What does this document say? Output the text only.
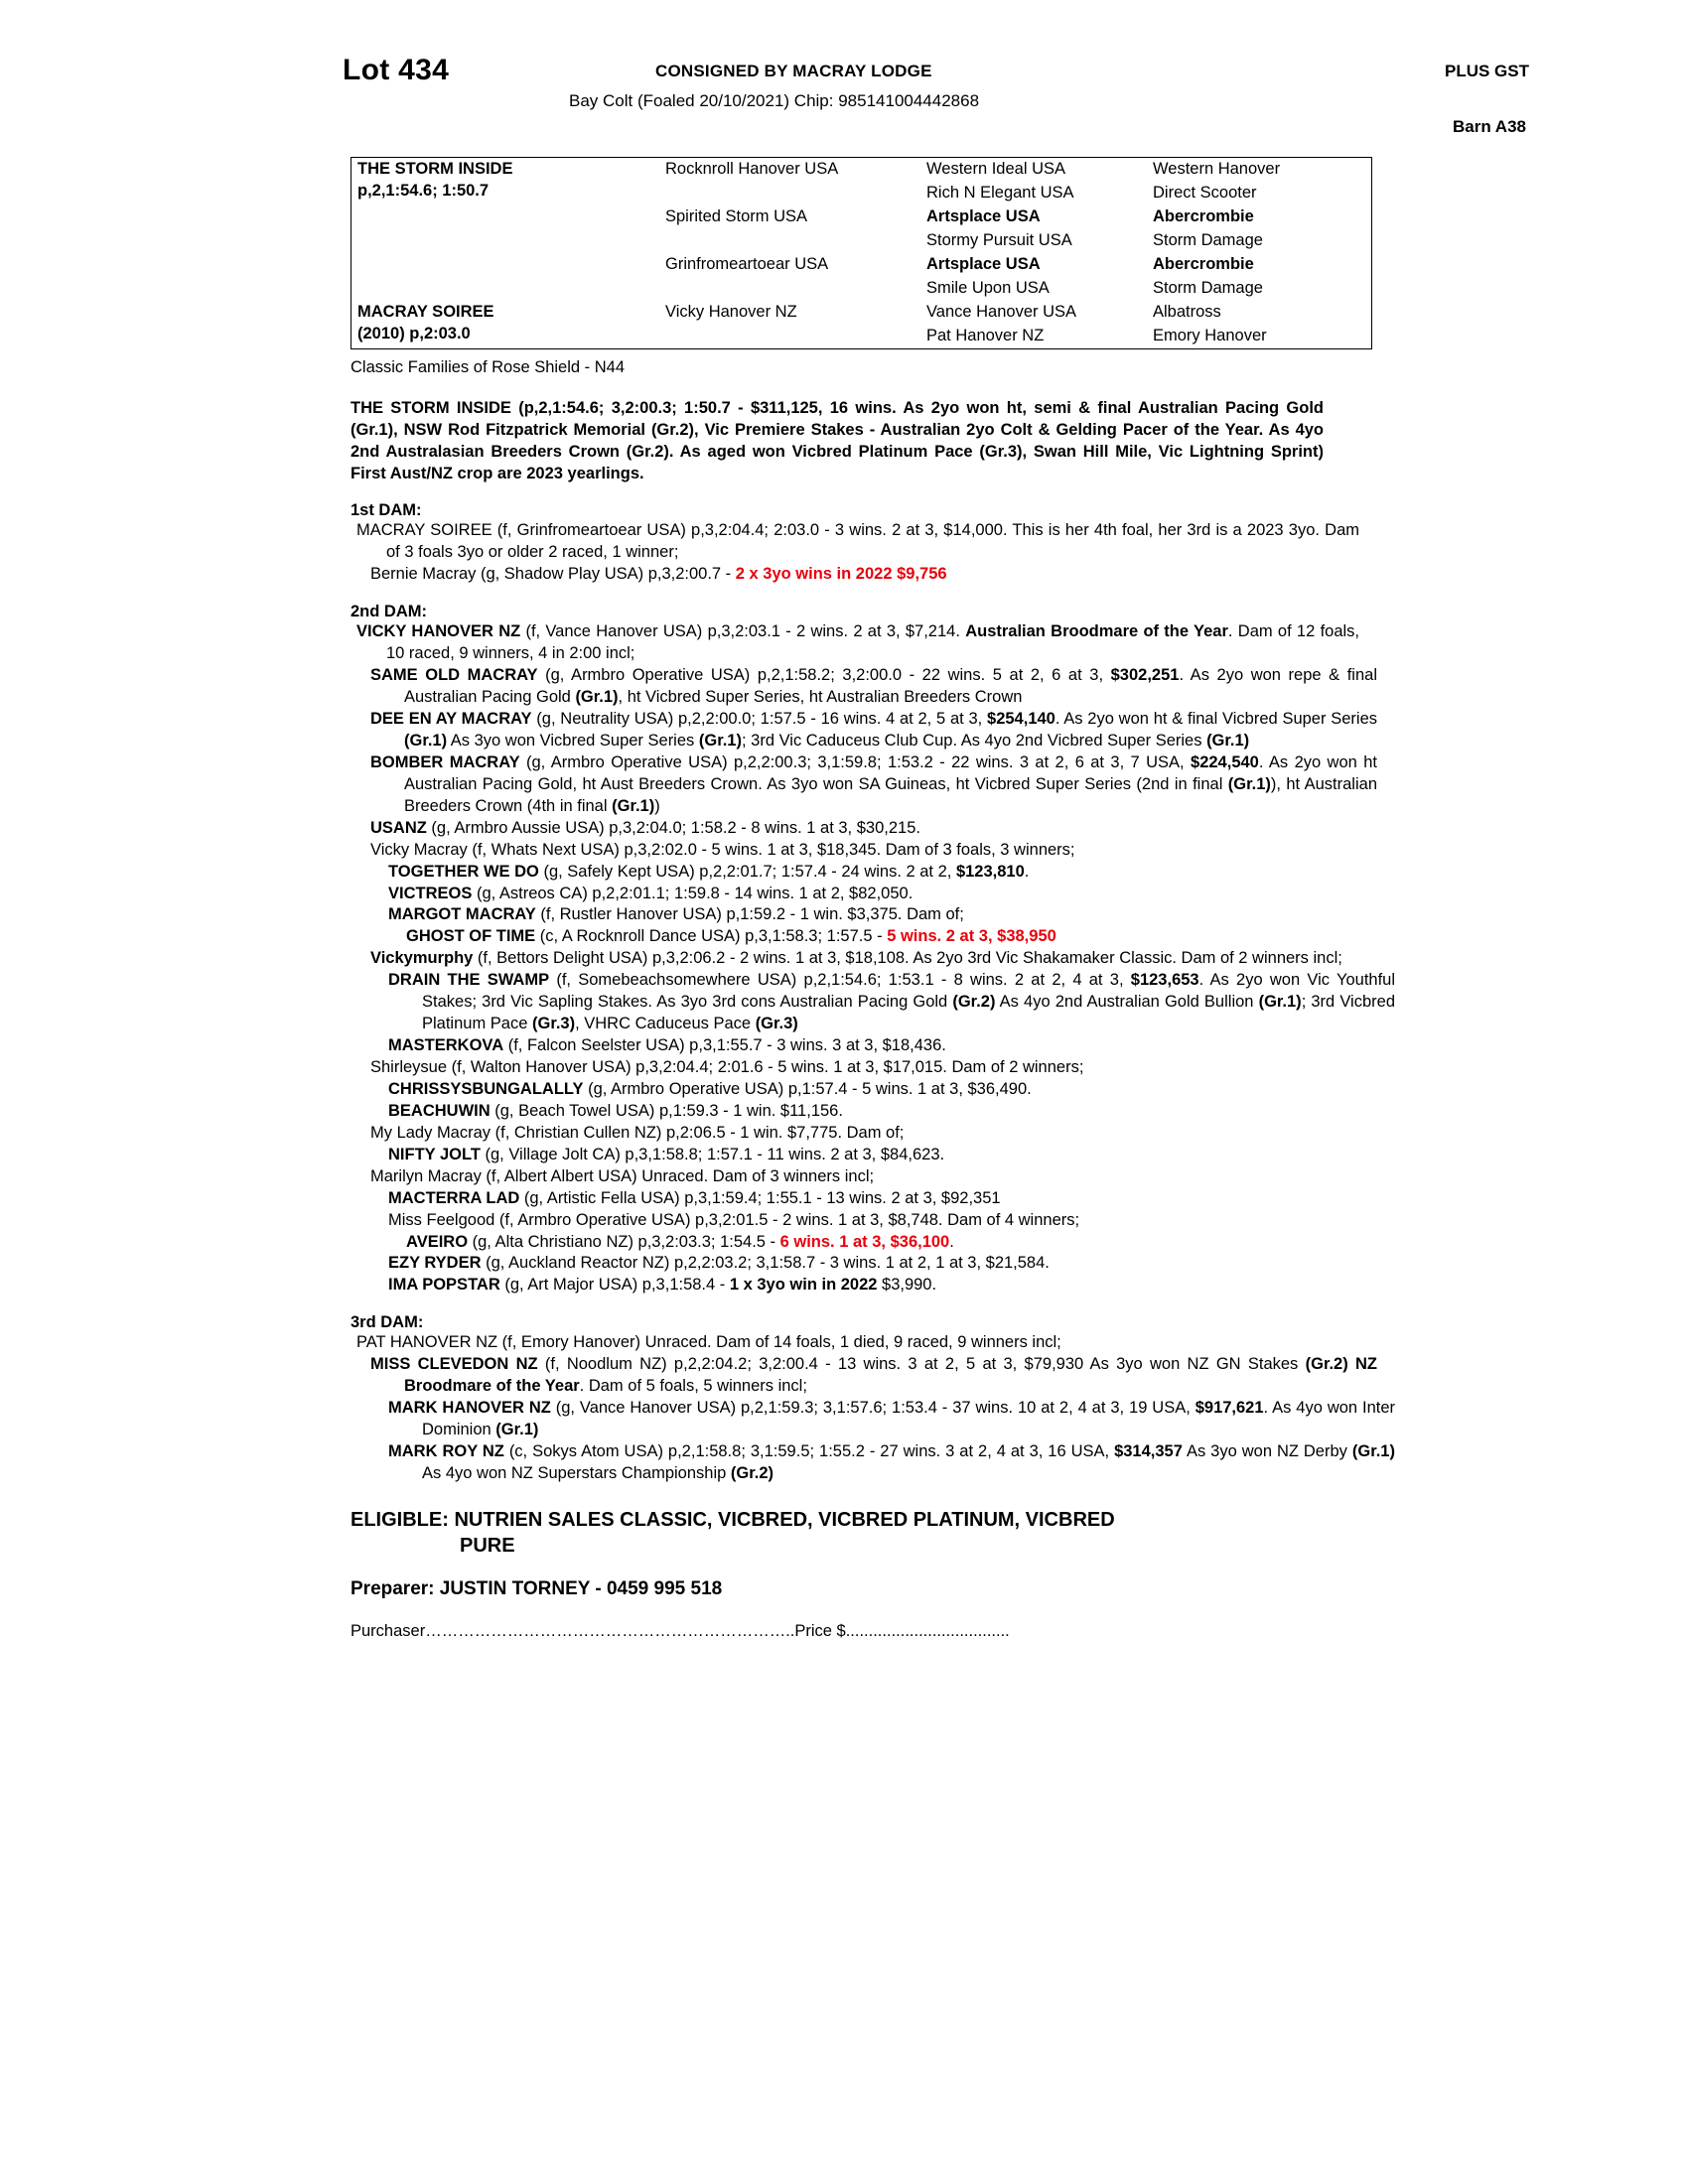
Lot 434	CONSIGNED BY MACRAY LODGE	PLUS GST
Bay Colt (Foaled 20/10/2021) Chip: 985141004442868
Barn A38
THE STORM INSIDE
p,2,1:54.6; 1:50.7	Rocknroll Hanover USA	Western Ideal USA	Western Hanover
		Rich N Elegant USA	Direct Scooter
	Spirited Storm USA	Artsplace USA	Abercrombie
		Stormy Pursuit USA	Storm Damage
	Grinfromeartoear USA	Artsplace USA	Abercrombie
		Smile Upon USA	Storm Damage

MACRAY SOIREE
(2010) p,2:03.0	Vicky Hanover NZ	Vance Hanover USA	Albatross
		Pat Hanover NZ	Emory Hanover
Classic Families of Rose Shield - N44
THE STORM INSIDE (p,2,1:54.6; 3,2:00.3; 1:50.7 - $311,125, 16 wins. As 2yo won ht, semi & final Australian Pacing Gold (Gr.1), NSW Rod Fitzpatrick Memorial (Gr.2), Vic Premiere Stakes - Australian 2yo Colt & Gelding Pacer of the Year. As 4yo 2nd Australasian Breeders Crown (Gr.2). As aged won Vicbred Platinum Pace (Gr.3), Swan Hill Mile, Vic Lightning Sprint) First Aust/NZ crop are 2023 yearlings.
1st DAM:
MACRAY SOIREE (f, Grinfromeartoear USA) p,3,2:04.4; 2:03.0 - 3 wins. 2 at 3, $14,000. This is her 4th foal, her 3rd is a 2023 3yo. Dam of 3 foals 3yo or older 2 raced, 1 winner;
Bernie Macray (g, Shadow Play USA) p,3,2:00.7 - 2 x 3yo wins in 2022 $9,756
2nd DAM:
VICKY HANOVER NZ (f, Vance Hanover USA) p,3,2:03.1 - 2 wins. 2 at 3, $7,214. Australian Broodmare of the Year. Dam of 12 foals, 10 raced, 9 winners, 4 in 2:00 incl;
SAME OLD MACRAY (g, Armbro Operative USA) p,2,1:58.2; 3,2:00.0 - 22 wins. 5 at 2, 6 at 3, $302,251. As 2yo won repe & final Australian Pacing Gold (Gr.1), ht Vicbred Super Series, ht Australian Breeders Crown
DEE EN AY MACRAY (g, Neutrality USA) p,2,2:00.0; 1:57.5 - 16 wins. 4 at 2, 5 at 3, $254,140. As 2yo won ht & final Vicbred Super Series (Gr.1) As 3yo won Vicbred Super Series (Gr.1); 3rd Vic Caduceus Club Cup. As 4yo 2nd Vicbred Super Series (Gr.1)
BOMBER MACRAY (g, Armbro Operative USA) p,2,2:00.3; 3,1:59.8; 1:53.2 - 22 wins. 3 at 2, 6 at 3, 7 USA, $224,540. As 2yo won ht Australian Pacing Gold, ht Aust Breeders Crown. As 3yo won SA Guineas, ht Vicbred Super Series (2nd in final (Gr.1)), ht Australian Breeders Crown (4th in final (Gr.1))
USANZ (g, Armbro Aussie USA) p,3,2:04.0; 1:58.2 - 8 wins. 1 at 3, $30,215.
Vicky Macray (f, Whats Next USA) p,3,2:02.0 - 5 wins. 1 at 3, $18,345. Dam of 3 foals, 3 winners;
TOGETHER WE DO (g, Safely Kept USA) p,2,2:01.7; 1:57.4 - 24 wins. 2 at 2, $123,810.
VICTREOS (g, Astreos CA) p,2,2:01.1; 1:59.8 - 14 wins. 1 at 2, $82,050.
MARGOT MACRAY (f, Rustler Hanover USA) p,1:59.2 - 1 win. $3,375. Dam of;
GHOST OF TIME (c, A Rocknroll Dance USA) p,3,1:58.3; 1:57.5 - 5 wins. 2 at 3, $38,950
Vickymurphy (f, Bettors Delight USA) p,3,2:06.2 - 2 wins. 1 at 3, $18,108. As 2yo 3rd Vic Shakamaker Classic. Dam of 2 winners incl;
DRAIN THE SWAMP (f, Somebeachsomewhere USA) p,2,1:54.6; 1:53.1 - 8 wins. 2 at 2, 4 at 3, $123,653. As 2yo won Vic Youthful Stakes; 3rd Vic Sapling Stakes. As 3yo 3rd cons Australian Pacing Gold (Gr.2) As 4yo 2nd Australian Gold Bullion (Gr.1); 3rd Vicbred Platinum Pace (Gr.3), VHRC Caduceus Pace (Gr.3)
MASTERKOVA (f, Falcon Seelster USA) p,3,1:55.7 - 3 wins. 3 at 3, $18,436.
Shirleysue (f, Walton Hanover USA) p,3,2:04.4; 2:01.6 - 5 wins. 1 at 3, $17,015. Dam of 2 winners;
CHRISSYSBUNGALALLY (g, Armbro Operative USA) p,1:57.4 - 5 wins. 1 at 3, $36,490.
BEACHUWIN (g, Beach Towel USA) p,1:59.3 - 1 win. $11,156.
My Lady Macray (f, Christian Cullen NZ) p,2:06.5 - 1 win. $7,775. Dam of;
NIFTY JOLT (g, Village Jolt CA) p,3,1:58.8; 1:57.1 - 11 wins. 2 at 3, $84,623.
Marilyn Macray (f, Albert Albert USA) Unraced. Dam of 3 winners incl;
MACTERRA LAD (g, Artistic Fella USA) p,3,1:59.4; 1:55.1 - 13 wins. 2 at 3, $92,351
Miss Feelgood (f, Armbro Operative USA) p,3,2:01.5 - 2 wins. 1 at 3, $8,748. Dam of 4 winners;
AVEIRO (g, Alta Christiano NZ) p,3,2:03.3; 1:54.5 - 6 wins. 1 at 3, $36,100.
EZY RYDER (g, Auckland Reactor NZ) p,2,2:03.2; 3,1:58.7 - 3 wins. 1 at 2, 1 at 3, $21,584.
IMA POPSTAR (g, Art Major USA) p,3,1:58.4 - 1 x 3yo win in 2022 $3,990.
3rd DAM:
PAT HANOVER NZ (f, Emory Hanover) Unraced. Dam of 14 foals, 1 died, 9 raced, 9 winners incl;
MISS CLEVEDON NZ (f, Noodlum NZ) p,2,2:04.2; 3,2:00.4 - 13 wins. 3 at 2, 5 at 3, $79,930 As 3yo won NZ GN Stakes (Gr.2) NZ Broodmare of the Year. Dam of 5 foals, 5 winners incl;
MARK HANOVER NZ (g, Vance Hanover USA) p,2,1:59.3; 3,1:57.6; 1:53.4 - 37 wins. 10 at 2, 4 at 3, 19 USA, $917,621. As 4yo won Inter Dominion (Gr.1)
MARK ROY NZ (c, Sokys Atom USA) p,2,1:58.8; 3,1:59.5; 1:55.2 - 27 wins. 3 at 2, 4 at 3, 16 USA, $314,357 As 3yo won NZ Derby (Gr.1) As 4yo won NZ Superstars Championship (Gr.2)
ELIGIBLE: NUTRIEN SALES CLASSIC, VICBRED, VICBRED PLATINUM, VICBRED
PURE
Preparer: JUSTIN TORNEY - 0459 995 518
Purchaser…………………………………………………………..Price $....................................
